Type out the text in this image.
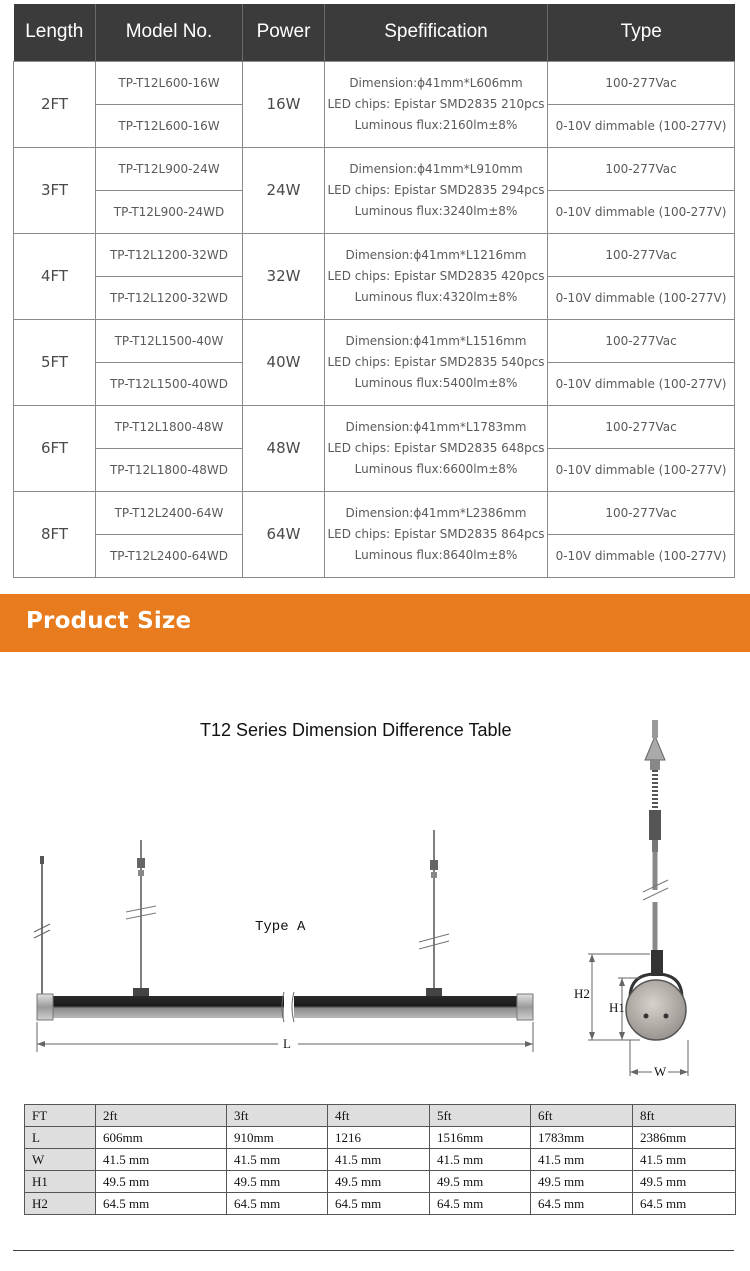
Length	Model No.	Power	Spefification	Type
2FT	TP-T12L600-16W	16W	Dimension:ϕ41mm*L606mm
LED chips: Epistar SMD2835 210pcs
Luminous flux:2160lm±8%	100-277Vac
	TP-T12L600-16W			0-10V dimmable (100-277V)
3FT	TP-T12L900-24W	24W	Dimension:ϕ41mm*L910mm
LED chips: Epistar SMD2835 294pcs
Luminous flux:3240lm±8%	100-277Vac
	TP-T12L900-24WD			0-10V dimmable (100-277V)
4FT	TP-T12L1200-32WD	32W	Dimension:ϕ41mm*L1216mm
LED chips: Epistar SMD2835 420pcs
Luminous flux:4320lm±8%	100-277Vac
	TP-T12L1200-32WD			0-10V dimmable (100-277V)
5FT	TP-T12L1500-40W	40W	Dimension:ϕ41mm*L1516mm
LED chips: Epistar SMD2835 540pcs
Luminous flux:5400lm±8%	100-277Vac
	TP-T12L1500-40WD			0-10V dimmable (100-277V)
6FT	TP-T12L1800-48W	48W	Dimension:ϕ41mm*L1783mm
LED chips: Epistar SMD2835 648pcs
Luminous flux:6600lm±8%	100-277Vac
	TP-T12L1800-48WD			0-10V dimmable (100-277V)
8FT	TP-T12L2400-64W	64W	Dimension:ϕ41mm*L2386mm
LED chips: Epistar SMD2835 864pcs
Luminous flux:8640lm±8%	100-277Vac
	TP-T12L2400-64WD			0-10V dimmable (100-277V)
Product Size
T12 Series Dimension Difference Table
Type A
L
H2
H1
W
FT	2ft	3ft	4ft	5ft	6ft	8ft
L	606mm	910mm	1216	1516mm	1783mm	2386mm
W	41.5 mm	41.5 mm	41.5 mm	41.5 mm	41.5 mm	41.5 mm
H1	49.5 mm	49.5 mm	49.5 mm	49.5 mm	49.5 mm	49.5 mm
H2	64.5 mm	64.5 mm	64.5 mm	64.5 mm	64.5 mm	64.5 mm
